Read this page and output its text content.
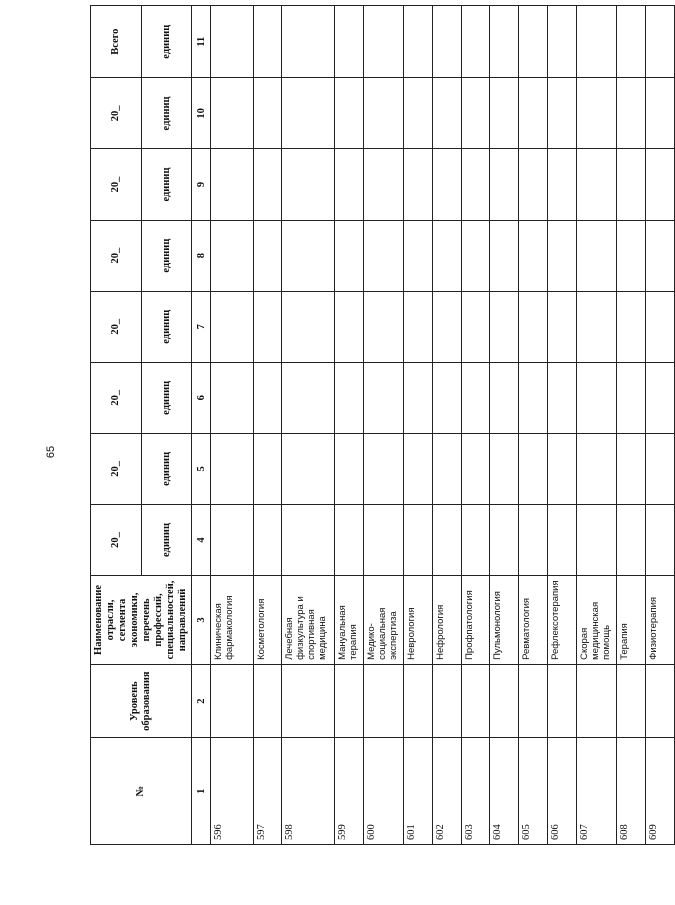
65
№	Уровень образования	Наименование отрасли, сегмента экономики, перечень профессий, специальностей, направлений	20_	20_	20_	20_	20_	20_	20_	Всего
			единиц	единиц	единиц	единиц	единиц	единиц	единиц	единиц
1	2	3	4	5	6	7	8	9	10	11
596		Клиническая фармакология								
597		Косметология								
598		Лечебная физкультура и спортивная медицина								
599		Мануальная терапия								
600		Медико-социальная экспертиза								
601		Неврология								
602		Нефрология								
603		Профпатология								
604		Пульмонология								
605		Ревматология								
606		Рефлексотерапия								
607		Скорая медицинская помощь								
608		Терапия								
609		Физиотерапия								
